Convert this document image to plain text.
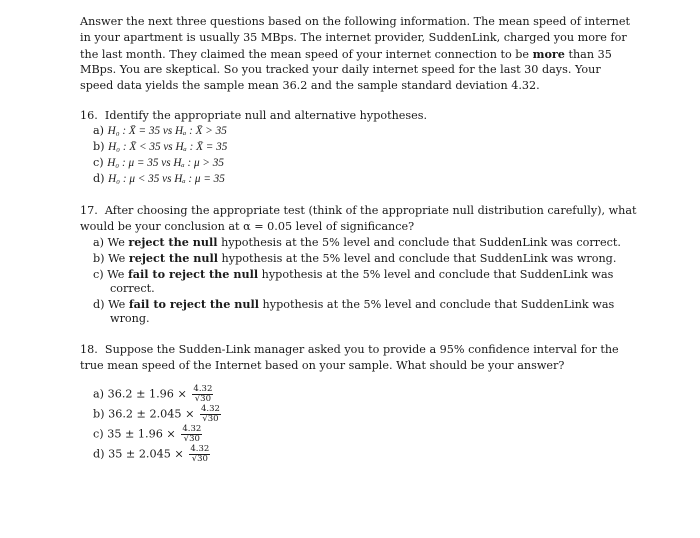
Answer the next three questions based on the following information. The mean speed of internet
in your apartment is usually 35 MBps. The internet provider, SuddenLink, charged you more for
the last month. They claimed the mean speed of your internet connection to be more than 35
MBps. You are skeptical. So you tracked your daily internet speed for the last 30 days. Your
speed data yields the sample mean 36.2 and the sample standard deviation 4.32.
16. Identify the appropriate null and alternative hypotheses.
a) H₀ : X̄ = 35 vs Hₐ : X̄ > 35
b) H₀ : X̄ < 35 vs Hₐ : X̄ = 35
c) H₀ : μ = 35 vs Hₐ : μ > 35
d) H₀ : μ < 35 vs Hₐ : μ = 35
17. After choosing the appropriate test (think of the appropriate null distribution carefully), what
would be your conclusion at α = 0.05 level of significance?
a) We reject the null hypothesis at the 5% level and conclude that SuddenLink was correct.
b) We reject the null hypothesis at the 5% level and conclude that SuddenLink was wrong.
c) We fail to reject the null hypothesis at the 5% level and conclude that SuddenLink was
correct.
d) We fail to reject the null hypothesis at the 5% level and conclude that SuddenLink was
wrong.
18. Suppose the Sudden-Link manager asked you to provide a 95% confidence interval for the
true mean speed of the Internet based on your sample. What should be your answer?
a) $36.2 \pm 1.96 \times \frac{4.32}{√30}$
b) $36.2 \pm 2.045 \times \frac{4.32}{√30}$
c) $35 \pm 1.96 \times \frac{4.32}{√30}$
d) $35 \pm 2.045 \times \frac{4.32}{√30}$
